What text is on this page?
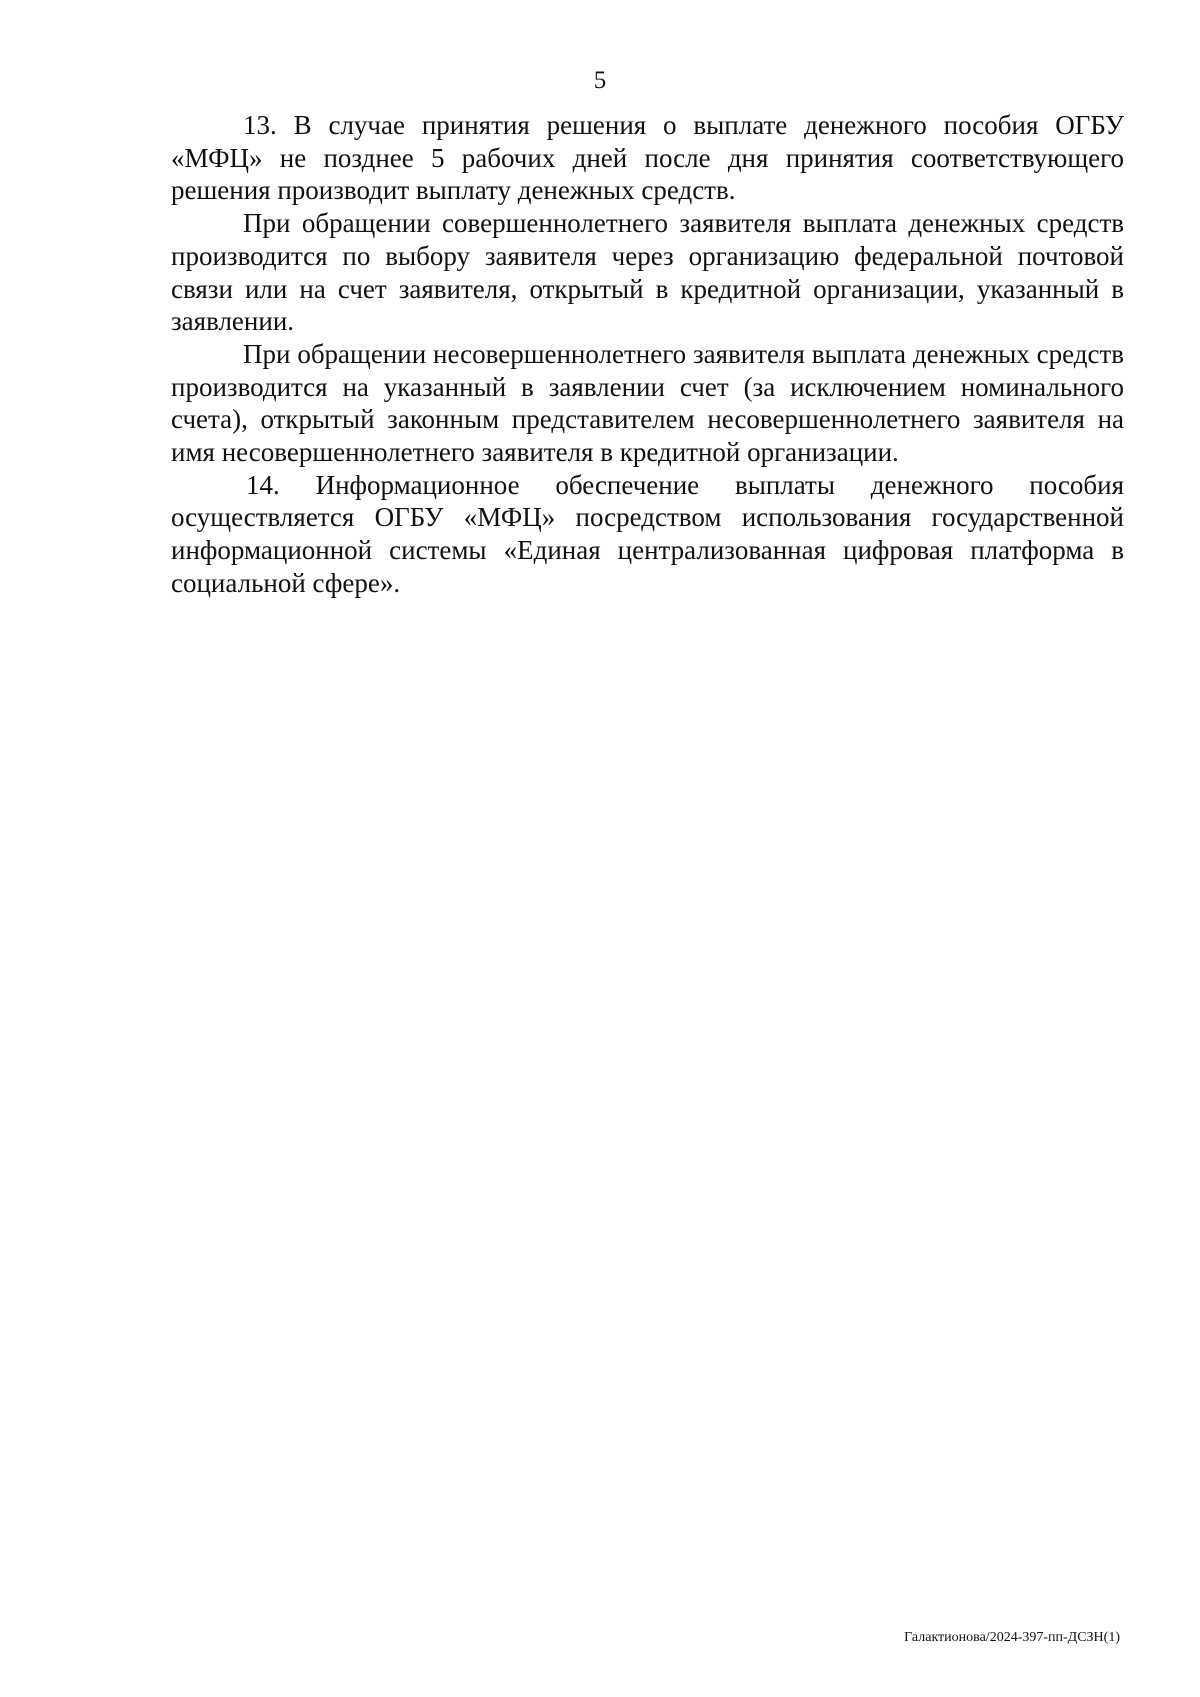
5

13. В случае принятия решения о выплате денежного пособия ОГБУ «МФЦ» не позднее 5 рабочих дней после дня принятия соответствующего решения производит выплату денежных средств.

При обращении совершеннолетнего заявителя выплата денежных средств производится по выбору заявителя через организацию федеральной почтовой связи или на счет заявителя, открытый в кредитной организации, указанный в заявлении.

При обращении несовершеннолетнего заявителя выплата денежных средств производится на указанный в заявлении счет (за исключением номинального счета), открытый законным представителем несовершеннолетнего заявителя на имя несовершеннолетнего заявителя в кредитной организации.

14. Информационное обеспечение выплаты денежного пособия осуществляется ОГБУ «МФЦ» посредством использования государственной информационной системы «Единая централизованная цифровая платформа в социальной сфере».

Галактионова/2024-397-пп-ДСЗН(1)
